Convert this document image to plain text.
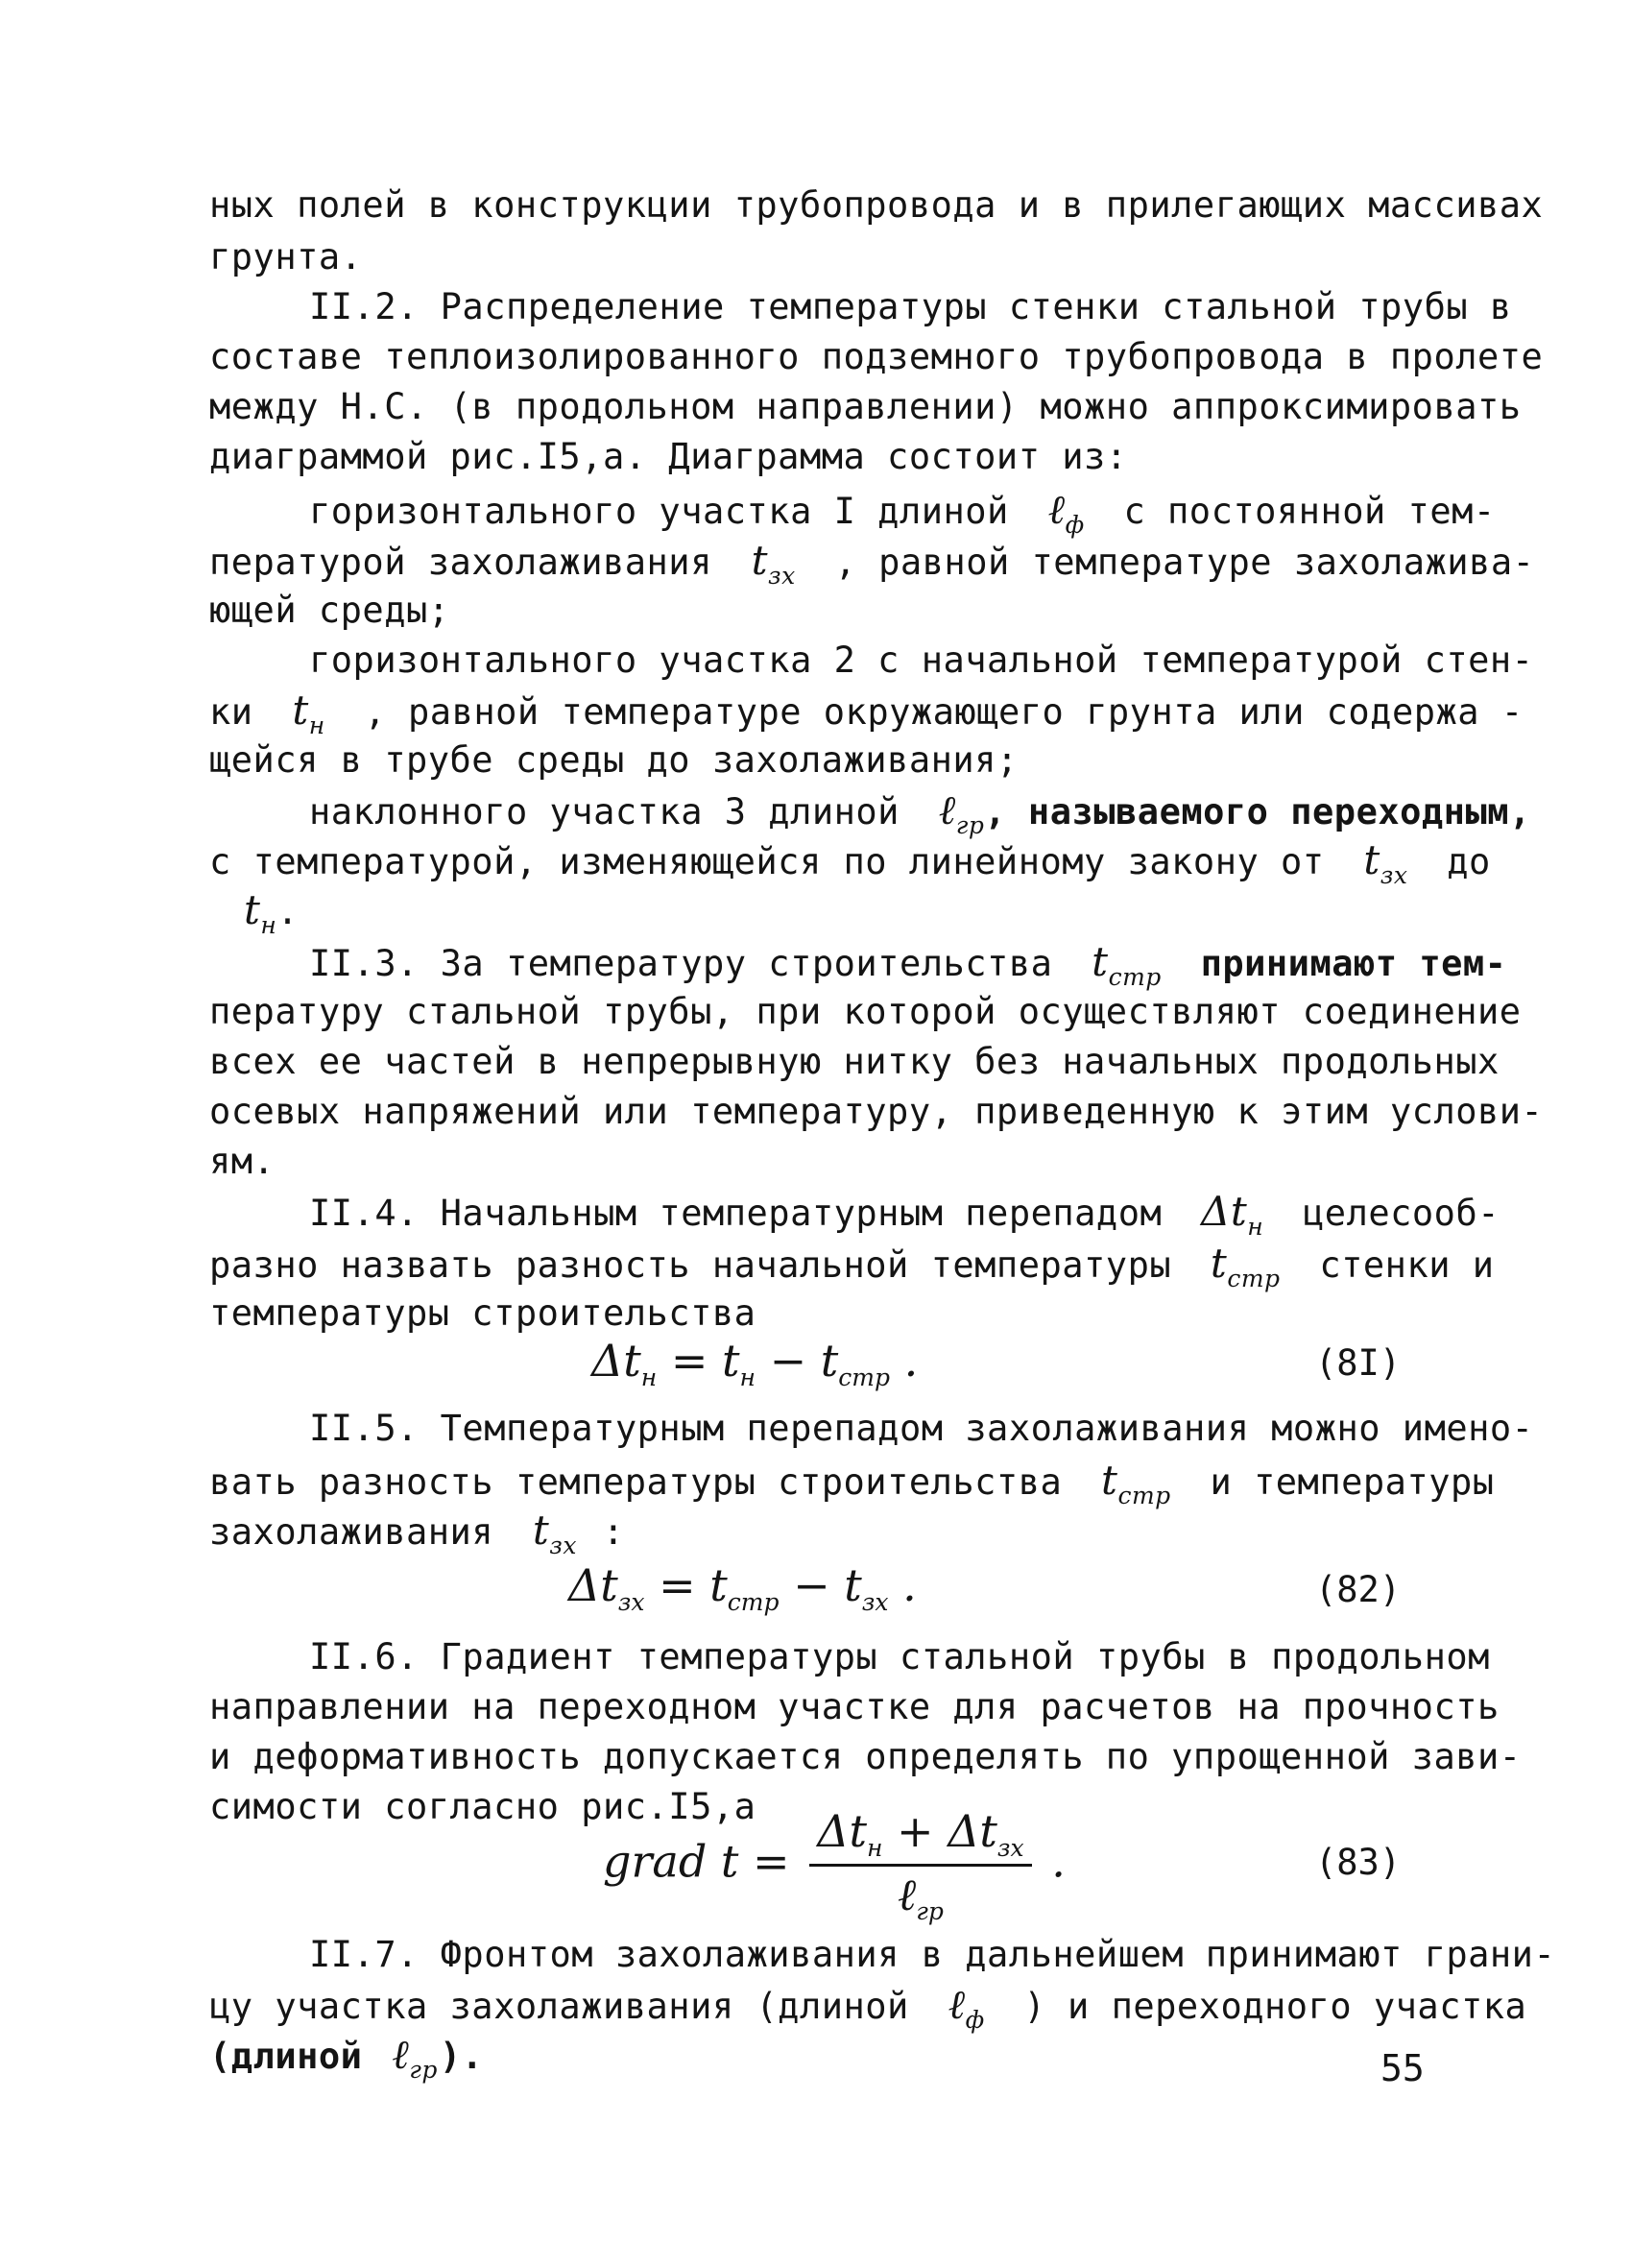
ных полей в конструкции трубопровода и в прилегающих массивах
грунта.
II.2. Распределение температуры стенки стальной трубы в
составе теплоизолированного подземного трубопровода в пролете
между Н.С. (в продольном направлении) можно аппроксимировать
диаграммой рис.I5,а. Диаграмма состоит из:
горизонтального участка I длиной ℓ$_ф$ с постоянной тем-
пературой захолаживания $t_{зх}$ , равной температуре захолажива-
ющей среды;
горизонтального участка 2 с начальной температурой стен-
ки $t_н$ , равной температуре окружающего грунта или содержа -
щейся в трубе среды до захолаживания;
наклонного участка 3 длиной ℓ$_{гр}$, называемого переходным,
с температурой, изменяющейся по линейному закону от $t_{зх}$ до
$t_н$.
II.3. За температуру строительства $t_{стр}$ принимают тем-
пературу стальной трубы, при которой осуществляют соединение
всех ее частей в непрерывную нитку без начальных продольных
осевых напряжений или температуру, приведенную к этим услови-
ям.
II.4. Начальным температурным перепадом $\Delta t_н$ целесооб-
разно назвать разность начальной температуры $t_{стр}$ стенки и
температуры строительства
$\Delta t_н = t_н - t_{стр}$ .	(8I)
II.5. Температурным перепадом захолаживания можно имено-
вать разность температуры строительства $t_{стр}$ и температуры
захолаживания $t_{зх}$ :
$\Delta t_{зх} = t_{стр} - t_{зх}$ .	(82)
II.6. Градиент температуры стальной трубы в продольном
направлении на переходном участке для расчетов на прочность
и деформативность допускается определять по упрощенной зави-
симости согласно рис.I5,а
grad $t = \frac{\Delta t_н + \Delta t_{зх}}{\ell_{гр}}$ .	(83)
II.7. Фронтом захолаживания в дальнейшем принимают грани-
цу участка захолаживания (длиной ℓ$_ф$ ) и переходного участка
(длиной ℓ$_{гр}$).	55
